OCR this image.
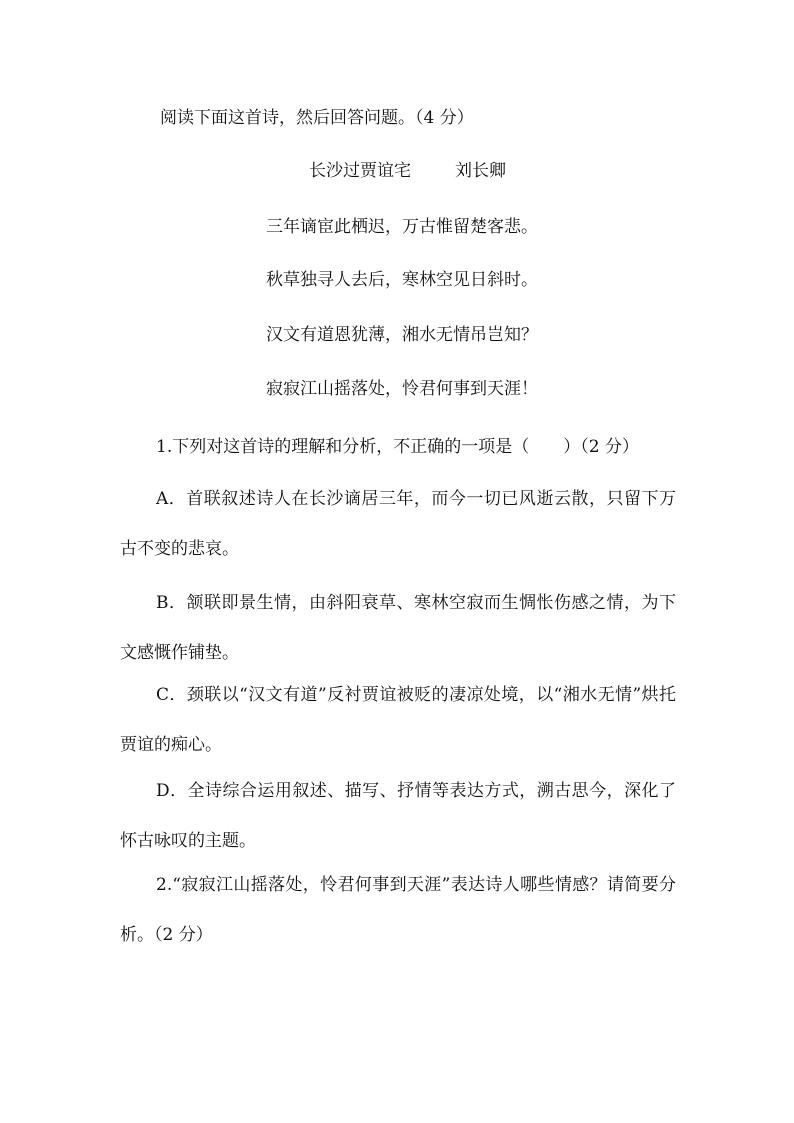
阅读下面这首诗，然后回答问题。（4 分）
长沙过贾谊宅	刘长卿
三年谪宦此栖迟，万古惟留楚客悲。
秋草独寻人去后，寒林空见日斜时。
汉文有道恩犹薄，湘水无情吊岂知？
寂寂江山摇落处，怜君何事到天涯！
1.下列对这首诗的理解和分析，不正确的一项是（　　）（2 分）
A．首联叙述诗人在长沙谪居三年，而今一切已风逝云散，只留下万古不变的悲哀。
B．颔联即景生情，由斜阳衰草、寒林空寂而生惆怅伤感之情，为下文感慨作铺垫。
C．颈联以“汉文有道”反衬贾谊被贬的凄凉处境，以“湘水无情”烘托贾谊的痴心。
D．全诗综合运用叙述、描写、抒情等表达方式，溯古思今，深化了怀古咏叹的主题。
2.“寂寂江山摇落处，怜君何事到天涯”表达诗人哪些情感？请简要分析。（2 分）
